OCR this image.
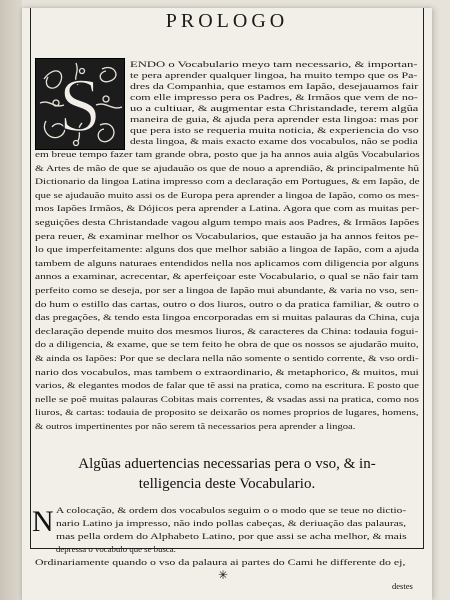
PROLOGO
S	ENDO o Vocabulario meyo tam necessario, & importan-
te pera aprender qualquer lingoa, ha muito tempo que os Pa-
dres da Companhia, que estamos em Iapão, desejauamos fair
com elle impresso pera os Padres, & Irmãos que vem de no-
uo a cultiuar, & augmentar esta Christandade, terem algũa
maneira de guia, & ajuda pera aprender esta lingoa: mas por
que pera isto se requeria muita noticia, & experiencia do vso
desta lingoa, & mais exacto exame dos vocabulos, não se podia
em breue tempo fazer tam grande obra, posto que ja ha annos auia algũs Vocabularios
& Artes de mão de que se ajudauão os que de nouo a aprendião, & principalmente hũ
Dictionario da lingoa Latina impresso com a declaração em Portugues, & em Iapão, de
que se ajudauão muito assi os de Europa pera aprender a lingoa de Iapão, como os mes-
mos Iapões Irmãos, & Dójicos pera aprender a Latina. Agora que com as muitas per-
seguições desta Christandade vagou algum tempo mais aos Padres, & Irmãos Iapões
pera reuer, & examinar melhor os Vocabularios, que estauão ja ha annos feitos pe-
lo que imperfeitamente: alguns dos que melhor sabião a lingoa de Iapão, com a ajuda
tambem de alguns naturaes entendidos nella nos aplicamos com diligencia por alguns
annos a examinar, acrecentar, & aperfeiçoar este Vocabulario, o qual se não fair tam
perfeito como se deseja, por ser a lingoa de Iapão mui abundante, & varia no vso, sen-
do hum o estillo das cartas, outro o dos liuros, outro o da pratica familiar, & outro o
das pregações, & tendo esta lingoa encorporadas em si muitas palauras da China, cuja
declaração depende muito dos mesmos liuros, & caracteres da China: todauia fogui-
do a diligencia, & exame, que se tem feito he obra de que os nossos se ajudarão muito,
& ainda os Iapões: Por que se declara nella não somente o sentido corrente, & vso ordi-
nario dos vocabulos, mas tambem o extraordinario, & metaphorico, & muitos, mui
varios, & elegantes modos de falar que tẽ assi na pratica, como na escritura. E posto que
nelle se poẽ muitas palauras Cobitas mais correntes, & vsadas assi na pratica, como nos
liuros, & cartas: todauia de proposito se deixarão os nomes proprios de lugares, homens,
& outros impertinentes por não serem tã necessarios pera aprender a lingoa.
Algũas aduertencias necessarias pera o vso, & in-
telligencia deste Vocabulario.
N A colocação, & ordem dos vocabulos seguim o o modo que se teue no dictio-
nario Latino ja impresso, não indo pollas cabeças, & deriuação das palauras,
mas pella ordem do Alphabeto Latino, por que assi se acha melhor, & mais
depressa o vocabulo que se busca.
Ordinariamente quando o vso da palaura ai partes do Cami he differente do ej,
✳
destes
